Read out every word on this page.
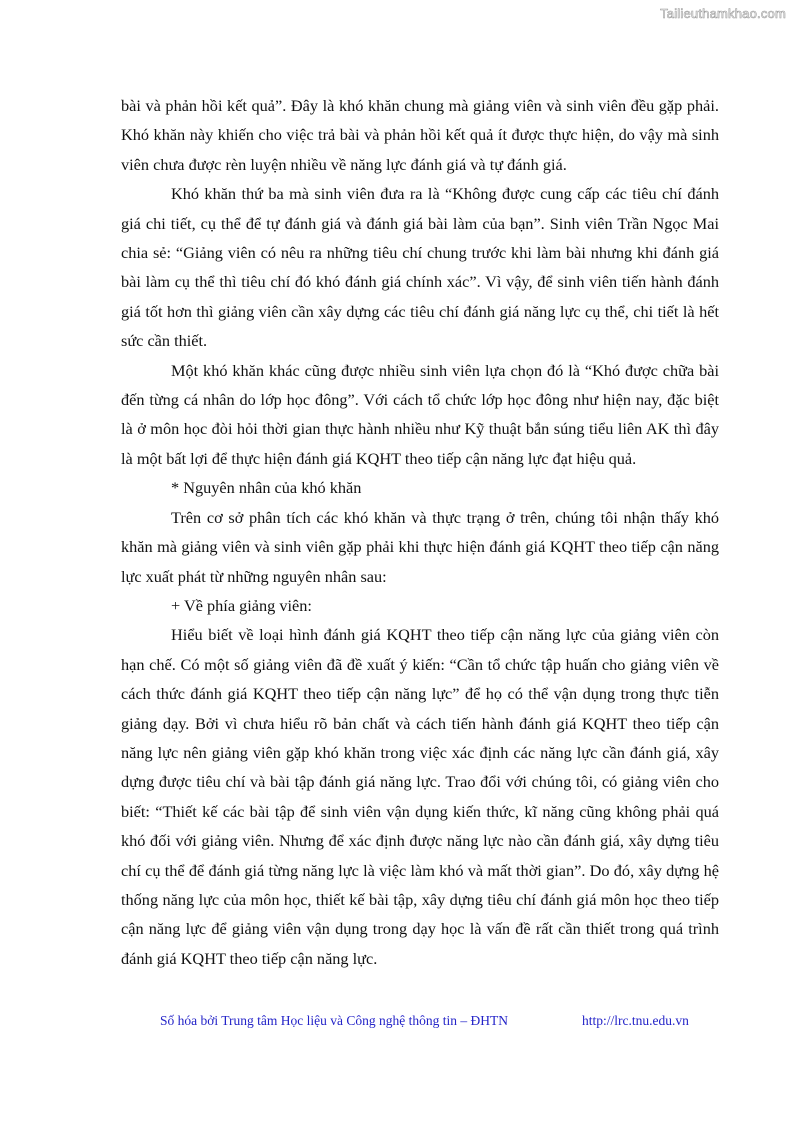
Tailieuthamkhao.com

bài và phản hồi kết quả”. Đây là khó khăn chung mà giảng viên và sinh viên đều gặp phải. Khó khăn này khiến cho việc trả bài và phản hồi kết quả ít được thực hiện, do vậy mà sinh viên chưa được rèn luyện nhiều về năng lực đánh giá và tự đánh giá.

Khó khăn thứ ba mà sinh viên đưa ra là “Không được cung cấp các tiêu chí đánh giá chi tiết, cụ thể để tự đánh giá và đánh giá bài làm của bạn”. Sinh viên Trần Ngọc Mai chia sẻ: “Giảng viên có nêu ra những tiêu chí chung trước khi làm bài nhưng khi đánh giá bài làm cụ thể thì tiêu chí đó khó đánh giá chính xác”. Vì vậy, để sinh viên tiến hành đánh giá tốt hơn thì giảng viên cần xây dựng các tiêu chí đánh giá năng lực cụ thể, chi tiết là hết sức cần thiết.

Một khó khăn khác cũng được nhiều sinh viên lựa chọn đó là “Khó được chữa bài đến từng cá nhân do lớp học đông”. Với cách tổ chức lớp học đông như hiện nay, đặc biệt là ở môn học đòi hỏi thời gian thực hành nhiều như Kỹ thuật bắn súng tiểu liên AK thì đây là một bất lợi để thực hiện đánh giá KQHT theo tiếp cận năng lực đạt hiệu quả.

* Nguyên nhân của khó khăn

Trên cơ sở phân tích các khó khăn và thực trạng ở trên, chúng tôi nhận thấy khó khăn mà giảng viên và sinh viên gặp phải khi thực hiện đánh giá KQHT theo tiếp cận năng lực xuất phát từ những nguyên nhân sau:

+ Về phía giảng viên:

Hiểu biết về loại hình đánh giá KQHT theo tiếp cận năng lực của giảng viên còn hạn chế. Có một số giảng viên đã đề xuất ý kiến: “Cần tổ chức tập huấn cho giảng viên về cách thức đánh giá KQHT theo tiếp cận năng lực” để họ có thể vận dụng trong thực tiễn giảng dạy. Bởi vì chưa hiểu rõ bản chất và cách tiến hành đánh giá KQHT theo tiếp cận năng lực nên giảng viên gặp khó khăn trong việc xác định các năng lực cần đánh giá, xây dựng được tiêu chí và bài tập đánh giá năng lực. Trao đổi với chúng tôi, có giảng viên cho biết: “Thiết kế các bài tập để sinh viên vận dụng kiến thức, kĩ năng cũng không phải quá khó đối với giảng viên. Nhưng để xác định được năng lực nào cần đánh giá, xây dựng tiêu chí cụ thể để đánh giá từng năng lực là việc làm khó và mất thời gian”. Do đó, xây dựng hệ thống năng lực của môn học, thiết kế bài tập, xây dựng tiêu chí đánh giá môn học theo tiếp cận năng lực để giảng viên vận dụng trong dạy học là vấn đề rất cần thiết trong quá trình đánh giá KQHT theo tiếp cận năng lực.

Số hóa bởi Trung tâm Học liệu và Công nghệ thông tin – ĐHTN	http://lrc.tnu.edu.vn
